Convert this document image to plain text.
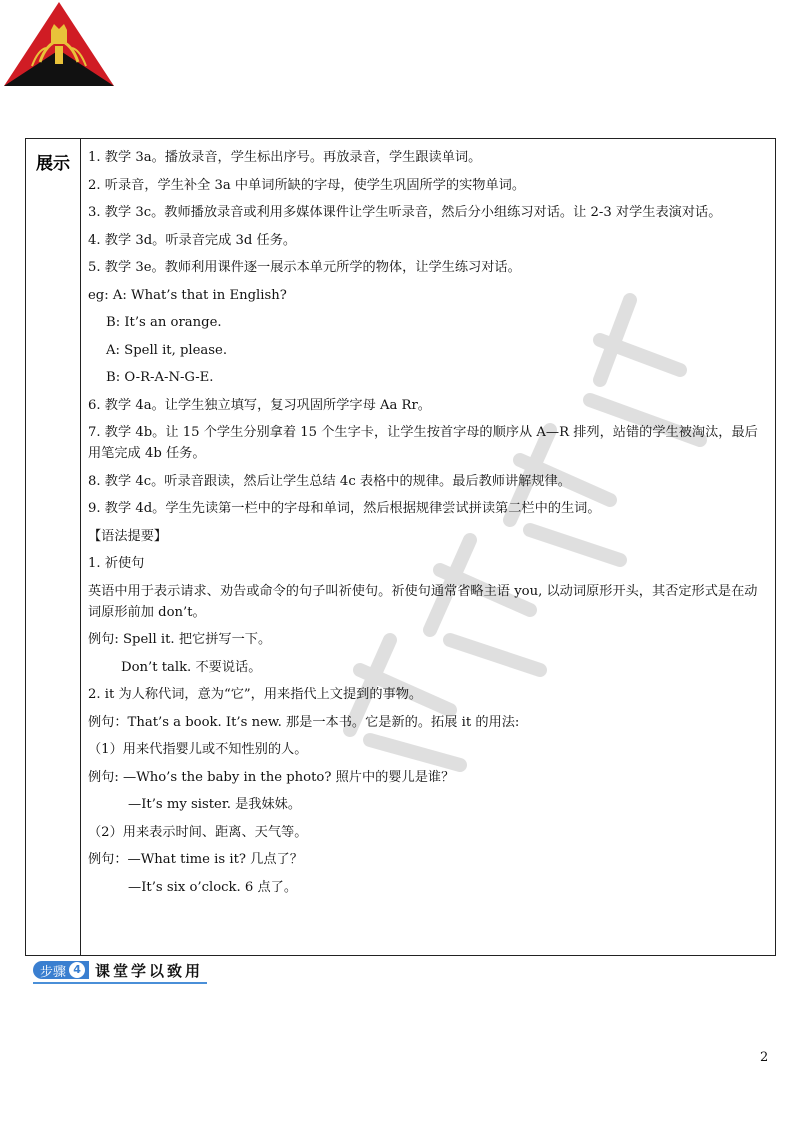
展示	1. 教学 3a。播放录音，学生标出序号。再放录音，学生跟读单词。
2. 听录音，学生补全 3a 中单词所缺的字母，使学生巩固所学的实物单词。
3. 教学 3c。教师播放录音或利用多媒体课件让学生听录音，然后分小组练习对话。让 2-3 对学生表演对话。
4. 教学 3d。听录音完成 3d 任务。
5. 教学 3e。教师利用课件逐一展示本单元所学的物体，让学生练习对话。
eg: A: What’s that in English?
B: It’s an orange.
A: Spell it, please.
B: O-R-A-N-G-E.
6. 教学 4a。让学生独立填写，复习巩固所学字母 Aa Rr。
7. 教学 4b。让 15 个学生分别拿着 15 个生字卡，让学生按首字母的顺序从 A—R 排列，站错的学生被淘汰，最后用笔完成 4b 任务。
8. 教学 4c。听录音跟读，然后让学生总结 4c 表格中的规律。最后教师讲解规律。
9. 教学 4d。学生先读第一栏中的字母和单词，然后根据规律尝试拼读第二栏中的生词。
【语法提要】
1. 祈使句
英语中用于表示请求、劝告或命令的句子叫祈使句。祈使句通常省略主语 you, 以动词原形开头，其否定形式是在动词原形前加 don’t。
例句: Spell it. 把它拼写一下。
Don’t talk. 不要说话。
2. it 为人称代词，意为“它”，用来指代上文提到的事物。
例句：That’s a book. It’s new. 那是一本书。它是新的。拓展 it 的用法:
（1）用来代指婴儿或不知性别的人。
例句: —Who’s the baby in the photo? 照片中的婴儿是谁？
—It’s my sister. 是我妹妹。
（2）用来表示时间、距离、天气等。
例句：—What time is it? 几点了？
—It’s six o’clock. 6 点了。
步骤 4 课堂学以致用
2
